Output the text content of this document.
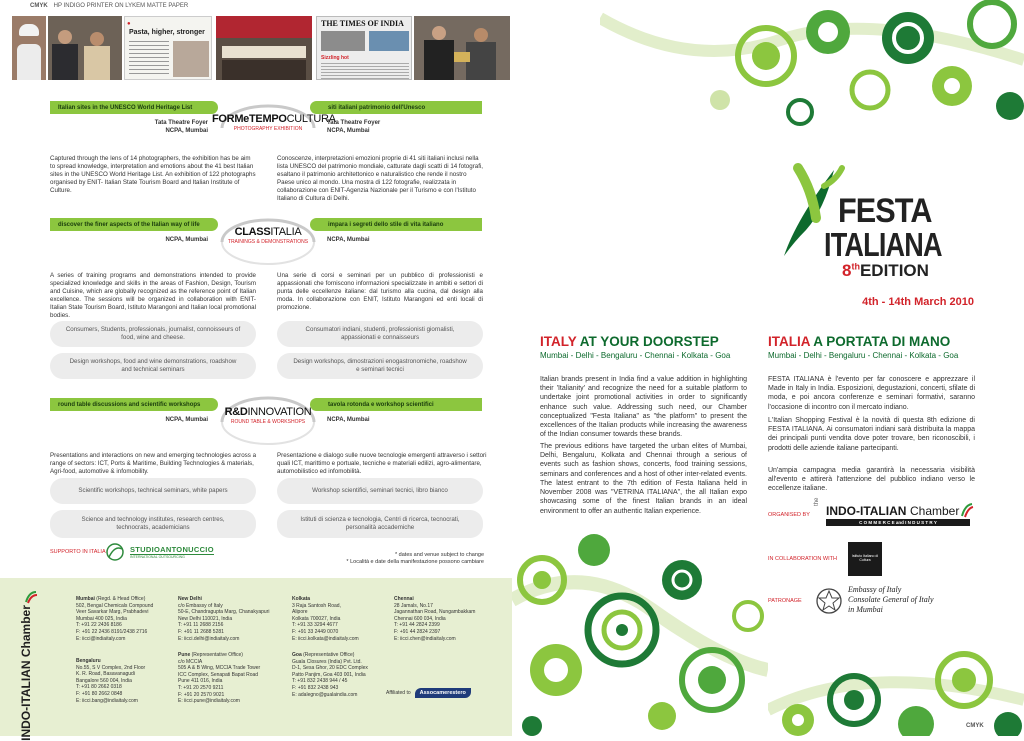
CMYK HP INDIGO PRINTER ON LYKEM MATTE PAPER
●
Pasta, higher, stronger
THE TIMES OF INDIA
Sizzling hot
Italian sites in the UNESCO World Heritage List	siti italiani patrimonio dell'Unesco
FORMeTEMPOCULTURA
PHOTOGRAPHY EXHIBITION
Tata Theatre Foyer
NCPA, Mumbai
Tata Theatre Foyer
NCPA, Mumbai
Captured through the lens of 14 photographers, the exhibition has be aim to spread knowledge, interpretation and emotions about the 41 best Italian sites in the UNESCO World Heritage List. An exhibition of 122 photographs organised by ENIT- Italian State Tourism Board and Italian Institute of Culture.
Conoscenze, interpretazioni emozioni proprie di 41 siti italiani inclusi nella lista UNESCO del patrimonio mondiale, catturate dagli scatti di 14 fotografi, esaltano il patrimonio architettonico e naturalistico che rende il nostro Paese unico al mondo. Una mostra di 122 fotografie, realizzata in collaborazione con ENIT-Agenzia Nazionale per il Turismo e con l'Istituto Italiano di Cultura di Delhi.
discover the finer aspects of the Italian way of life	impara i segreti dello stile di vita italiano
CLASSITALIA
TRAININGS & DEMONSTRATIONS
NCPA, Mumbai	NCPA, Mumbai
A series of training programs and demonstrations intended to provide specialized knowledge and skills in the areas of Fashion, Design, Tourism and Cuisine, which are globally recognized as the reference point of Italian excellence. The sessions will be organized in collaboration with ENIT- Italian State Tourism Board, Istituto Marangoni and Italian local promotional bodies.
Una serie di corsi e seminari per un pubblico di professionisti e appassionati che forniscono informazioni specializzate in ambiti e settori di punta delle eccellenze italiane: dal turismo alla cucina, dal design alla moda. In collaborazione con ENIT, Istituto Marangoni ed enti locali di promozione.
Consumers, Students, professionals, journalist, connoisseurs of food, wine and cheese.
Consumatori indiani, studenti, professionisti giornalisti, appassionati e connaisseurs
Design workshops, food and wine demonstrations, roadshow and technical seminars
Design workshops, dimostrazioni enogastronomiche, roadshow e seminari tecnici
round table discussions and scientific workshops	tavola rotonda e workshop scientifici
R&DINNOVATION
ROUND TABLE & WORKSHOPS
NCPA, Mumbai	NCPA, Mumbai
Presentations and interactions on new and emerging technologies across a range of sectors: ICT, Ports & Maritime, Building Technologies & materials, Agri-food, automotive & infomobility.
Presentazione e dialogo sulle nuove tecnologie emergenti attraverso i settori quali ICT, marittimo e portuale, tecniche e materiali edilizi, agro-alimentare, automobilistico ed infomobilità.
Scientific workshops, technical seminars, white papers	Workshop scientifici, seminari tecnici, libro bianco
Science and technology institutes, research centres, technocrats, academicians
Istituti di scienza e tecnologia, Centri di ricerca, tecnocrati, personalità accademiche
SUPPORTO IN ITALIA	STUDIOANTONUCCIO
INTERNATIONAL OUTSOURCING	* dates and venue subject to change
* Località e date della manifestazione possono cambiare
INDO-ITALIAN Chamber
Mumbai (Regd. & Head Office)
502, Bengal Chemicals Compound
Veer Savarkar Marg, Prabhadevi
Mumbai 400 025, India
T: +91 22 2436 8186
F: +91 22 2436 8191/2438 2716
E: iicci@indiaitaly.com
New Delhi
c/o Embassy of Italy
50-E, Chandragupta Marg, Chanakyapuri
New Delhi 110021, India
T: +91 11 2688 2156
F: +91 11 2688 5281
E: iicci.delhi@indiaitaly.com
Kolkata
3 Raja Santosh Road,
Alipore
Kolkata 700027, India
T: +91 33 3294 4677
F: +91 33 2449 0070
E: iicci.kolkata@indiaitaly.com
Chennai
28 Jamals, No.17
Jagannathan Road, Nungambakkam
Chennai 600 034, India
T: +91 44 2824 2399
F: +91 44 2824 2397
E: iicci.chen@indiaitaly.com
Bengaluru
No.55, S V Complex, 2nd Floor
K. R. Road, Basavanagudi
Bangalore 560 004, India
T: +91 80 2662 0318
F: +91 80 2662 0848
E: iicci.bang@indiaitaly.com
Pune (Representative Office)
c/o MCCIA
505 A & B Wing, MCCIA Trade Tower
ICC Complex, Senapati Bapat Road
Pune 411 016, India
T: +91 20 2570 9211
F: +91 20 2570 9021
E: iicci.pune@indiaitaly.com
Goa (Representative Office)
Guala Closures (India) Pvt. Ltd.
D-1, Sesa Ghor, 20 EDC Complex
Patto Panjim, Goa 403 001, India
T: +91 832 2438 944 / 45
F: +91 832 2438 943
E: adalegno@gualaindia.com	Affiliated to	Assocamerestero
FESTA
ITALIANA
8thEDITION
4th - 14th March 2010
ITALY AT YOUR DOORSTEP	ITALIA A PORTATA DI MANO
Mumbai - Delhi - Bengaluru - Chennai - Kolkata - Goa	Mumbai - Delhi - Bengaluru - Chennai - Kolkata - Goa
Italian brands present in India find a value addition in highlighting their 'Italianity' and recognize the need for a suitable platform to undertake joint promotional activities in order to significantly enhance such value. Addressing such need, our Chamber conceptualized "Festa Italiana" as "the platform" to present the excellences of the Italian products while increasing the awareness of the Indian consumer towards these brands.
The previous editions have targeted the urban elites of Mumbai, Delhi, Bengaluru, Kolkata and Chennai through a serious of events such as fashion shows, concerts, food training sessions, seminars and conferences and a host of other inter-related events. The latest entrant to the 7th edition of Festa Italiana held in November 2008 was "VETRINA ITALIANA", the all Italian expo showcasing some of the finest Italian brands in an ideal environment to offer an authentic Italian experience.
FESTA ITALIANA è l'evento per far conoscere e apprezzare il Made in Italy in India. Esposizioni, degustazioni, concerti, sfilate di moda, e poi ancora conferenze e seminari formativi, saranno l'occasione di incontro con il mercato indiano.
L'Italian Shopping Festival è la novità di questa 8th edizione di FESTA ITALIANA. Ai consumatori indiani sarà distribuita la mappa dei principali punti vendita dove poter trovare, ben riconoscibili, i prodotti delle aziende italiane partecipanti.
Un'ampia campagna media garantirà la necessaria visibilità all'evento e attirerà l'attenzione del pubblico indiano verso le eccellenze italiane.
ORGANISED BY
the
INDO-ITALIAN Chamber
C O M M E R C E and I N D U S T R Y
IN COLLABORATION WITH	Istituto Italiano di Cultura
PATRONAGE
Embassy of Italy
Consolate General of Italy
in Mumbai
CMYK
